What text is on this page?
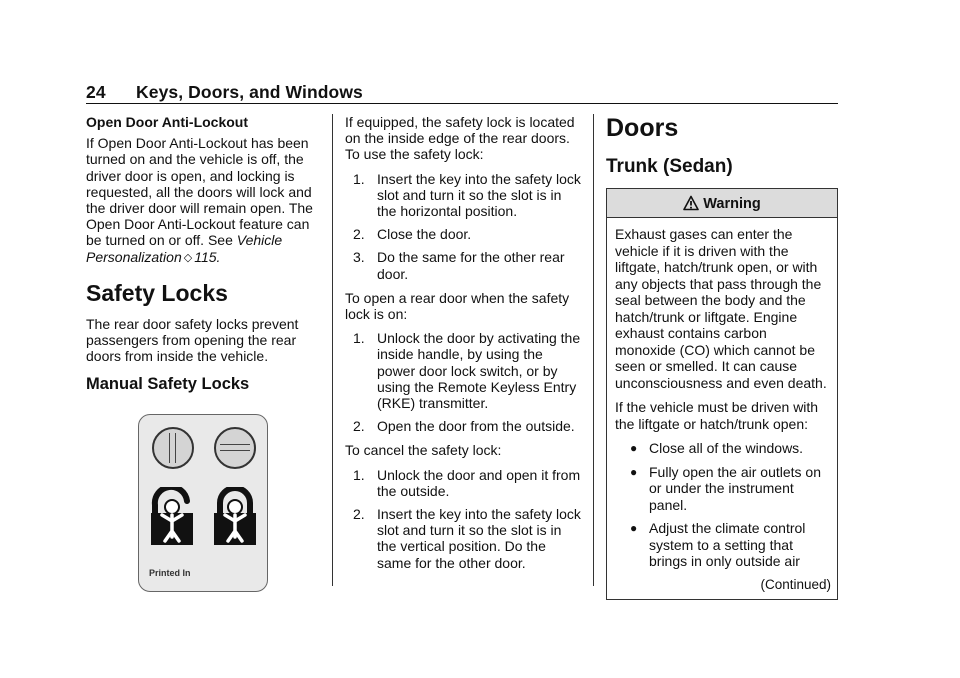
24 Keys, Doors, and Windows
Open Door Anti-Lockout

If Open Door Anti-Lockout has been turned on and the vehicle is off, the driver door is open, and locking is requested, all the doors will lock and the driver door will remain open. The Open Door Anti-Lockout feature can be turned on or off. See Vehicle Personalization ◇ 115.

Safety Locks

The rear door safety locks prevent passengers from opening the rear doors from inside the vehicle.

Manual Safety Locks
Printed In

If equipped, the safety lock is located on the inside edge of the rear doors. To use the safety lock:

1. Insert the key into the safety lock slot and turn it so the slot is in the horizontal position.
2. Close the door.
3. Do the same for the other rear door.

To open a rear door when the safety lock is on:

1. Unlock the door by activating the inside handle, by using the power door lock switch, or by using the Remote Keyless Entry (RKE) transmitter.
2. Open the door from the outside.

To cancel the safety lock:

1. Unlock the door and open it from the outside.
2. Insert the key into the safety lock slot and turn it so the slot is in the vertical position. Do the same for the other door.
Doors
Trunk (Sedan)
Warning

Exhaust gases can enter the vehicle if it is driven with the liftgate, hatch/trunk open, or with any objects that pass through the seal between the body and the hatch/trunk or liftgate. Engine exhaust contains carbon monoxide (CO) which cannot be seen or smelled. It can cause unconsciousness and even death.

If the vehicle must be driven with the liftgate or hatch/trunk open:

● Close all of the windows.
● Fully open the air outlets on or under the instrument panel.
● Adjust the climate control system to a setting that brings in only outside air
(Continued)
